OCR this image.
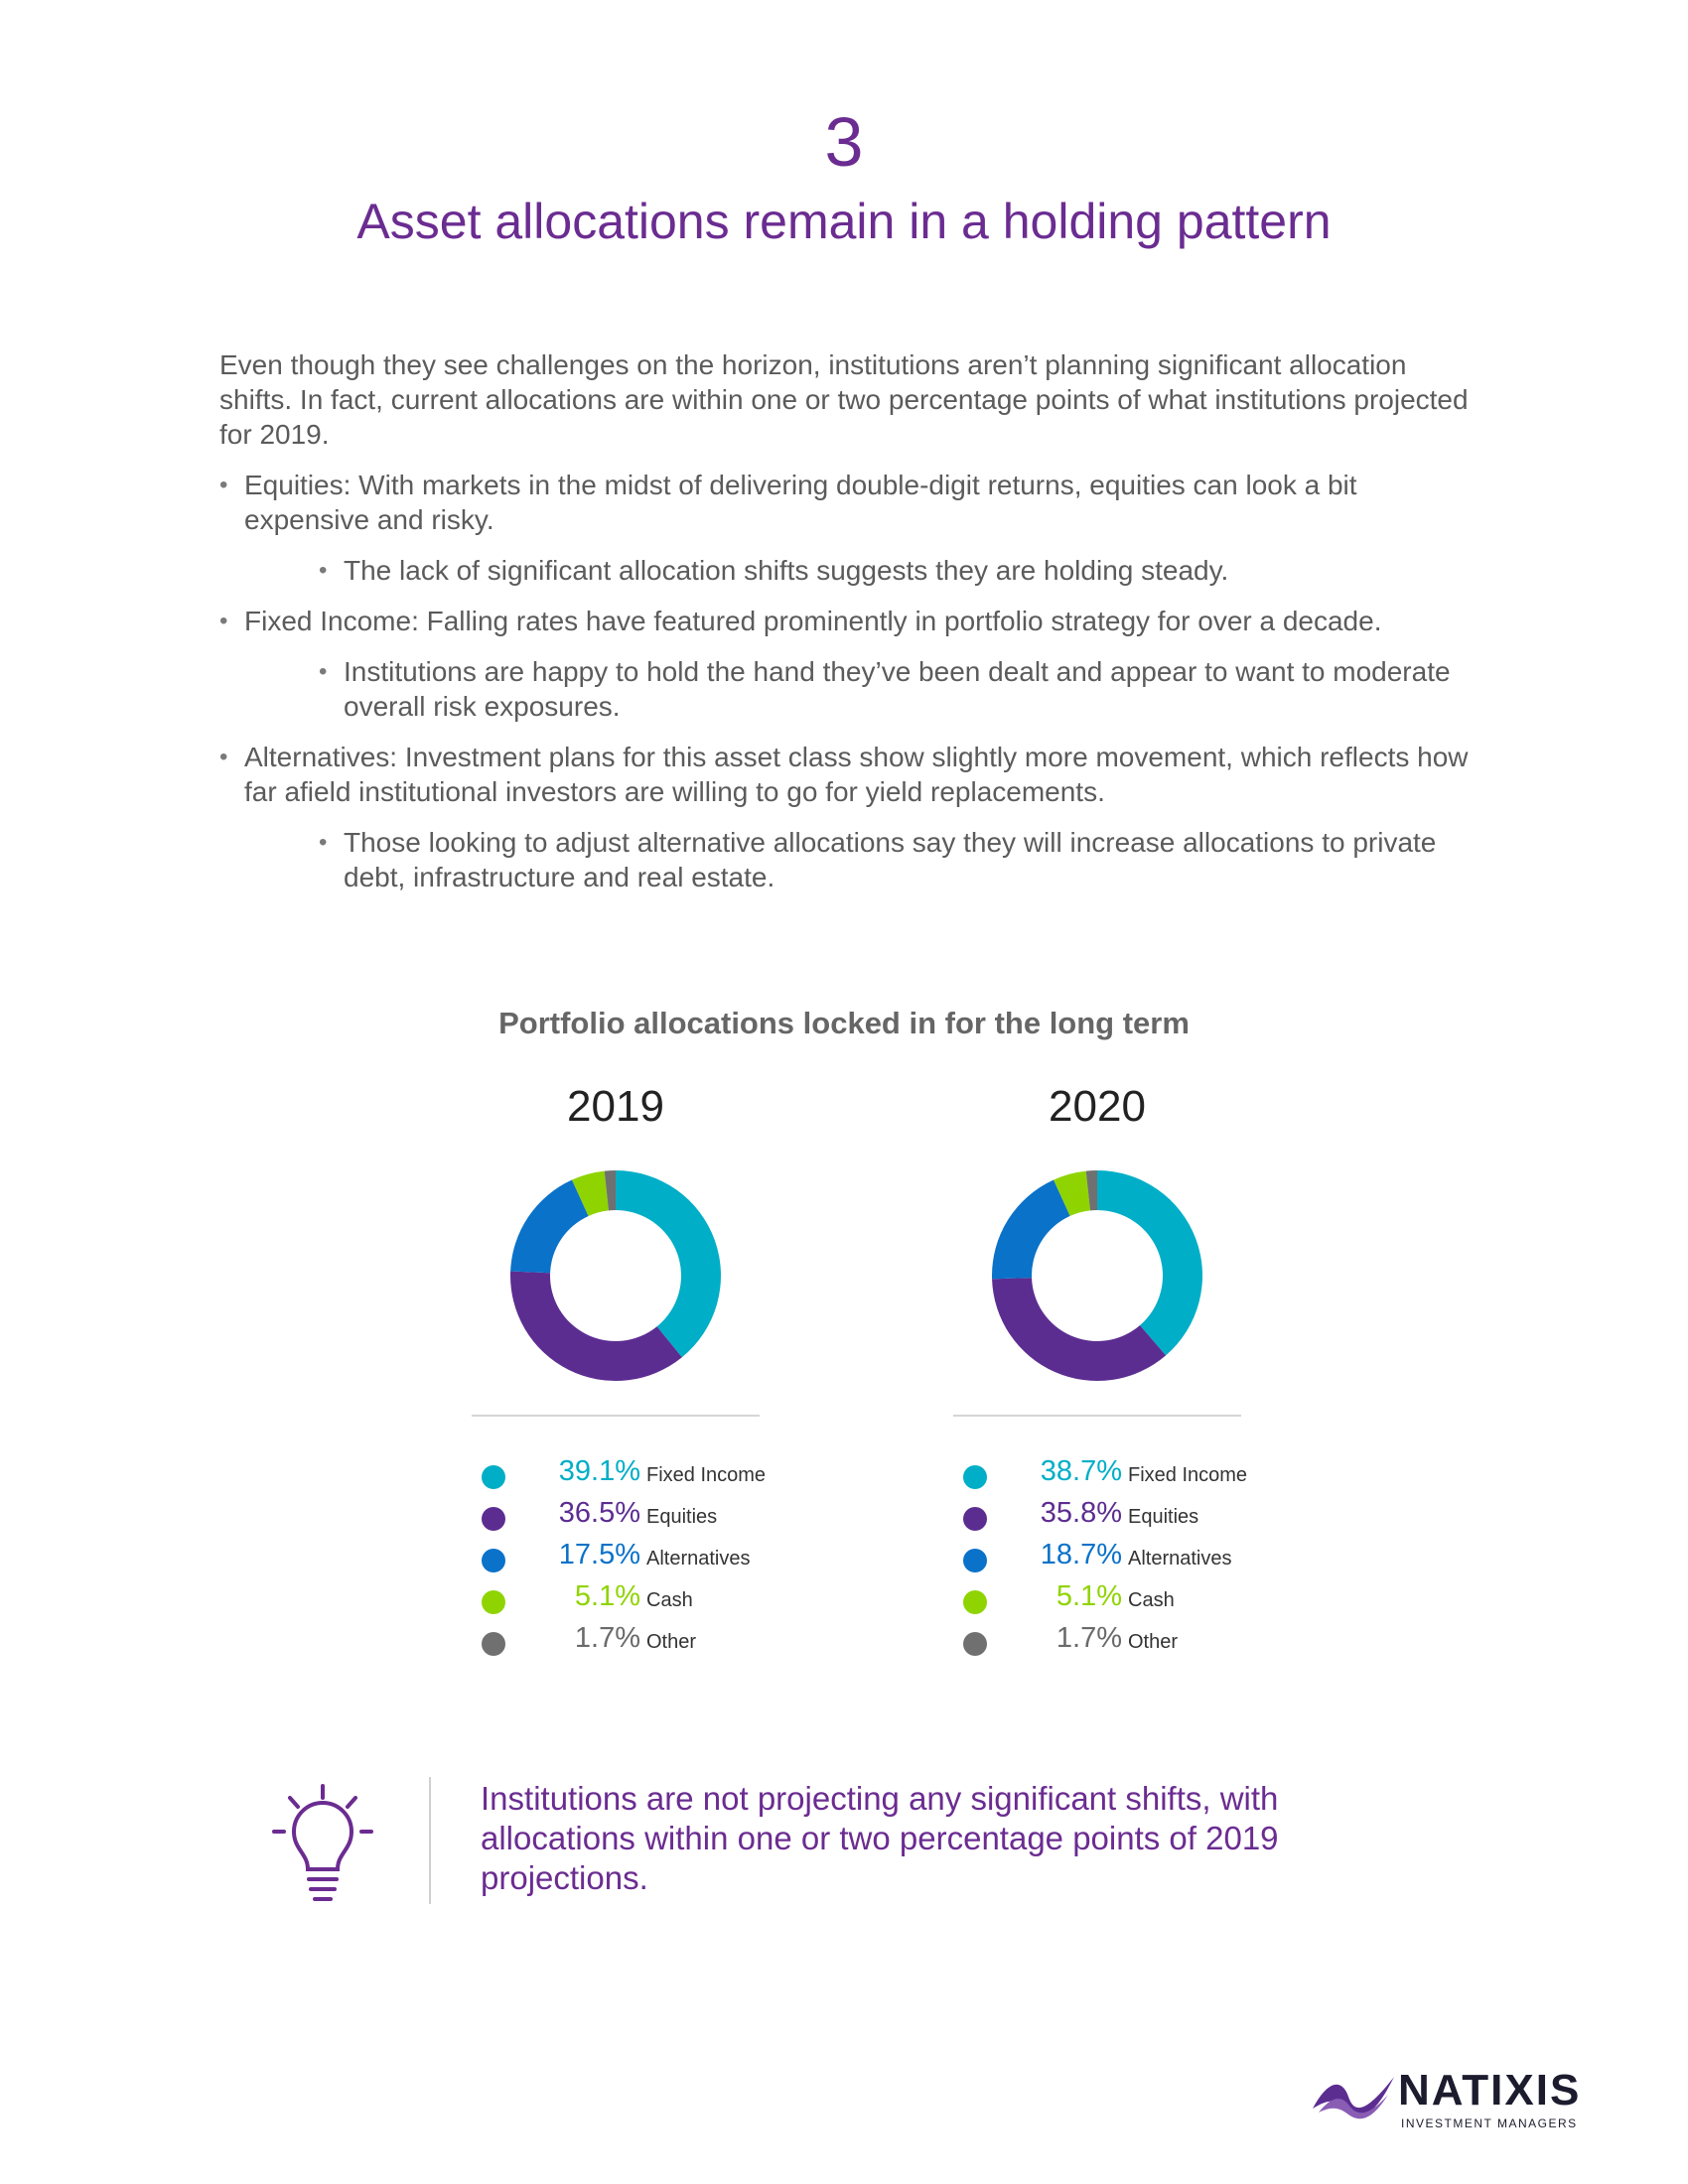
3
Asset allocations remain in a holding pattern

Even though they see challenges on the horizon, institutions aren’t planning significant allocation shifts. In fact, current allocations are within one or two percentage points of what institutions projected for 2019.

• Equities: With markets in the midst of delivering double-digit returns, equities can look a bit expensive and risky.
• The lack of significant allocation shifts suggests they are holding steady.
• Fixed Income: Falling rates have featured prominently in portfolio strategy for over a decade.
• Institutions are happy to hold the hand they’ve been dealt and appear to want to moderate overall risk exposures.
• Alternatives: Investment plans for this asset class show slightly more movement, which reflects how far afield institutional investors are willing to go for yield replacements.
• Those looking to adjust alternative allocations say they will increase allocations to private debt, infrastructure and real estate.
Portfolio allocations locked in for the long term
2019
39.1% Fixed Income
36.5% Equities
17.5% Alternatives
5.1% Cash
1.7% Other
2020
38.7% Fixed Income
35.8% Equities
18.7% Alternatives
5.1% Cash
1.7% Other
Institutions are not projecting any significant shifts, with allocations within one or two percentage points of 2019 projections.
NATIXIS
INVESTMENT MANAGERS
